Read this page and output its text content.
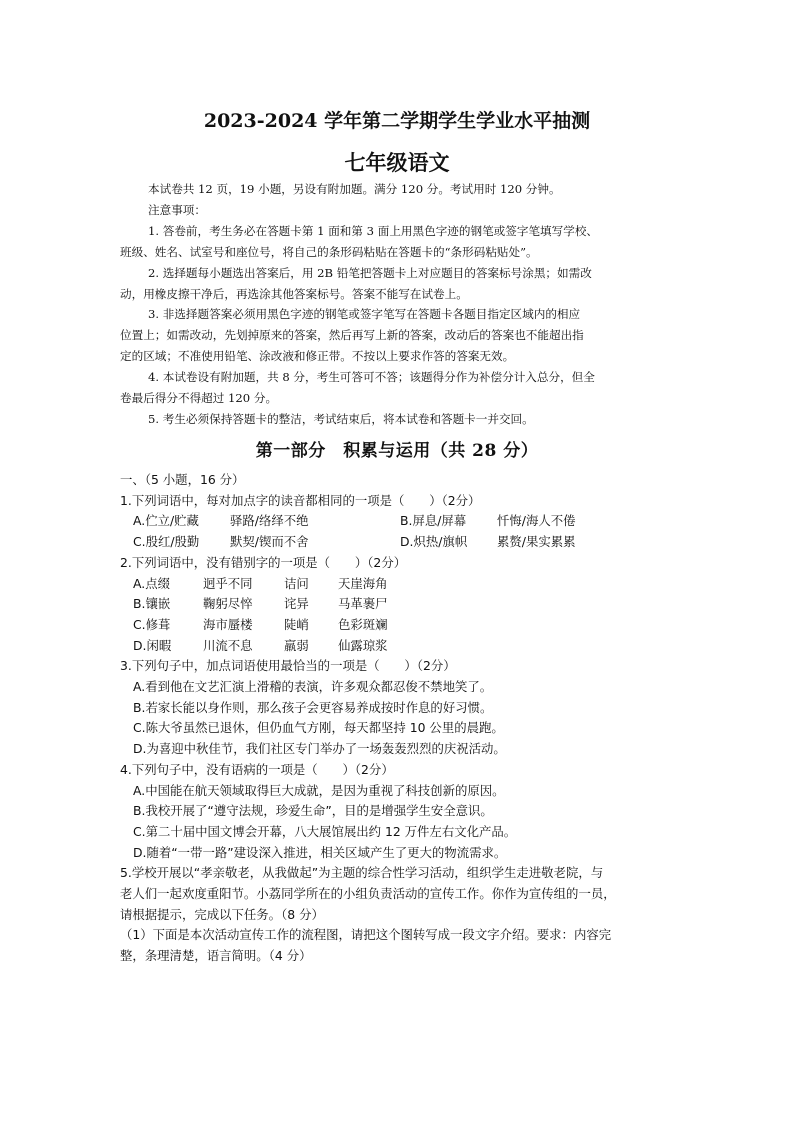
2023-2024 学年第二学期学生学业水平抽测
七年级语文

本试卷共 12 页，19 小题，另设有附加题。满分 120 分。考试用时 120 分钟。

注意事项：

1. 答卷前，考生务必在答题卡第 1 面和第 3 面上用黑色字迹的钢笔或签字笔填写学校、

班级、姓名、试室号和座位号，将自己的条形码粘贴在答题卡的“条形码粘贴处”。

2. 选择题每小题选出答案后，用 2B 铅笔把答题卡上对应题目的答案标号涂黑；如需改

动，用橡皮擦干净后，再选涂其他答案标号。答案不能写在试卷上。

3. 非选择题答案必须用黑色字迹的钢笔或签字笔写在答题卡各题目指定区域内的相应

位置上；如需改动，先划掉原来的答案，然后再写上新的答案，改动后的答案也不能超出指

定的区域；不准使用铅笔、涂改液和修正带。不按以上要求作答的答案无效。

4. 本试卷设有附加题，共 8 分，考生可答可不答；该题得分作为补偿分计入总分，但全

卷最后得分不得超过 120 分。

5. 考生必须保持答题卡的整洁，考试结束后，将本试卷和答题卡一并交回。

第一部分　积累与运用（共 28 分）

一、（5 小题，16 分）

1.下列词语中，每对加点字的读音都相同的一项是（　　）（2分）

A.伫立/贮藏	驿路/络绎不绝	B.屏息/屏幕 忏悔/海人不倦

C.殷红/殷勤 默契/锲而不舍	D.炽热/旗帜 累赘/果实累累

2.下列词语中，没有错别字的一项是（　　）（2分）

A.点缀	迥乎不同	诘问 天崖海角

B.镶嵌	鞠躬尽悴	诧异 马革裹尸

C.修葺	海市蜃楼	陡峭 色彩斑斓

D.闲暇	川流不息	羸弱 仙露琼浆

3.下列句子中，加点词语使用最恰当的一项是（　　）（2分）

A.看到他在文艺汇演上滑稽的表演，许多观众都忍俊不禁地笑了。

B.若家长能以身作则，那么孩子会更容易养成按时作息的好习惯。

C.陈大爷虽然已退休，但仍血气方刚，每天都坚持 10 公里的晨跑。

D.为喜迎中秋佳节，我们社区专门举办了一场轰轰烈烈的庆祝活动。

4.下列句子中，没有语病的一项是（　　）（2分）

A.中国能在航天领域取得巨大成就，是因为重视了科技创新的原因。

B.我校开展了“遵守法规，珍爱生命”，目的是增强学生安全意识。

C.第二十届中国文博会开幕，八大展馆展出约 12 万件左右文化产品。

D.随着“一带一路”建设深入推进，相关区域产生了更大的物流需求。

5.学校开展以“孝亲敬老，从我做起”为主题的综合性学习活动，组织学生走进敬老院，与

老人们一起欢度重阳节。小荔同学所在的小组负责活动的宣传工作。你作为宣传组的一员，

请根据提示，完成以下任务。（8 分）

（1）下面是本次活动宣传工作的流程图，请把这个图转写成一段文字介绍。要求：内容完

整，条理清楚，语言简明。（4 分）
